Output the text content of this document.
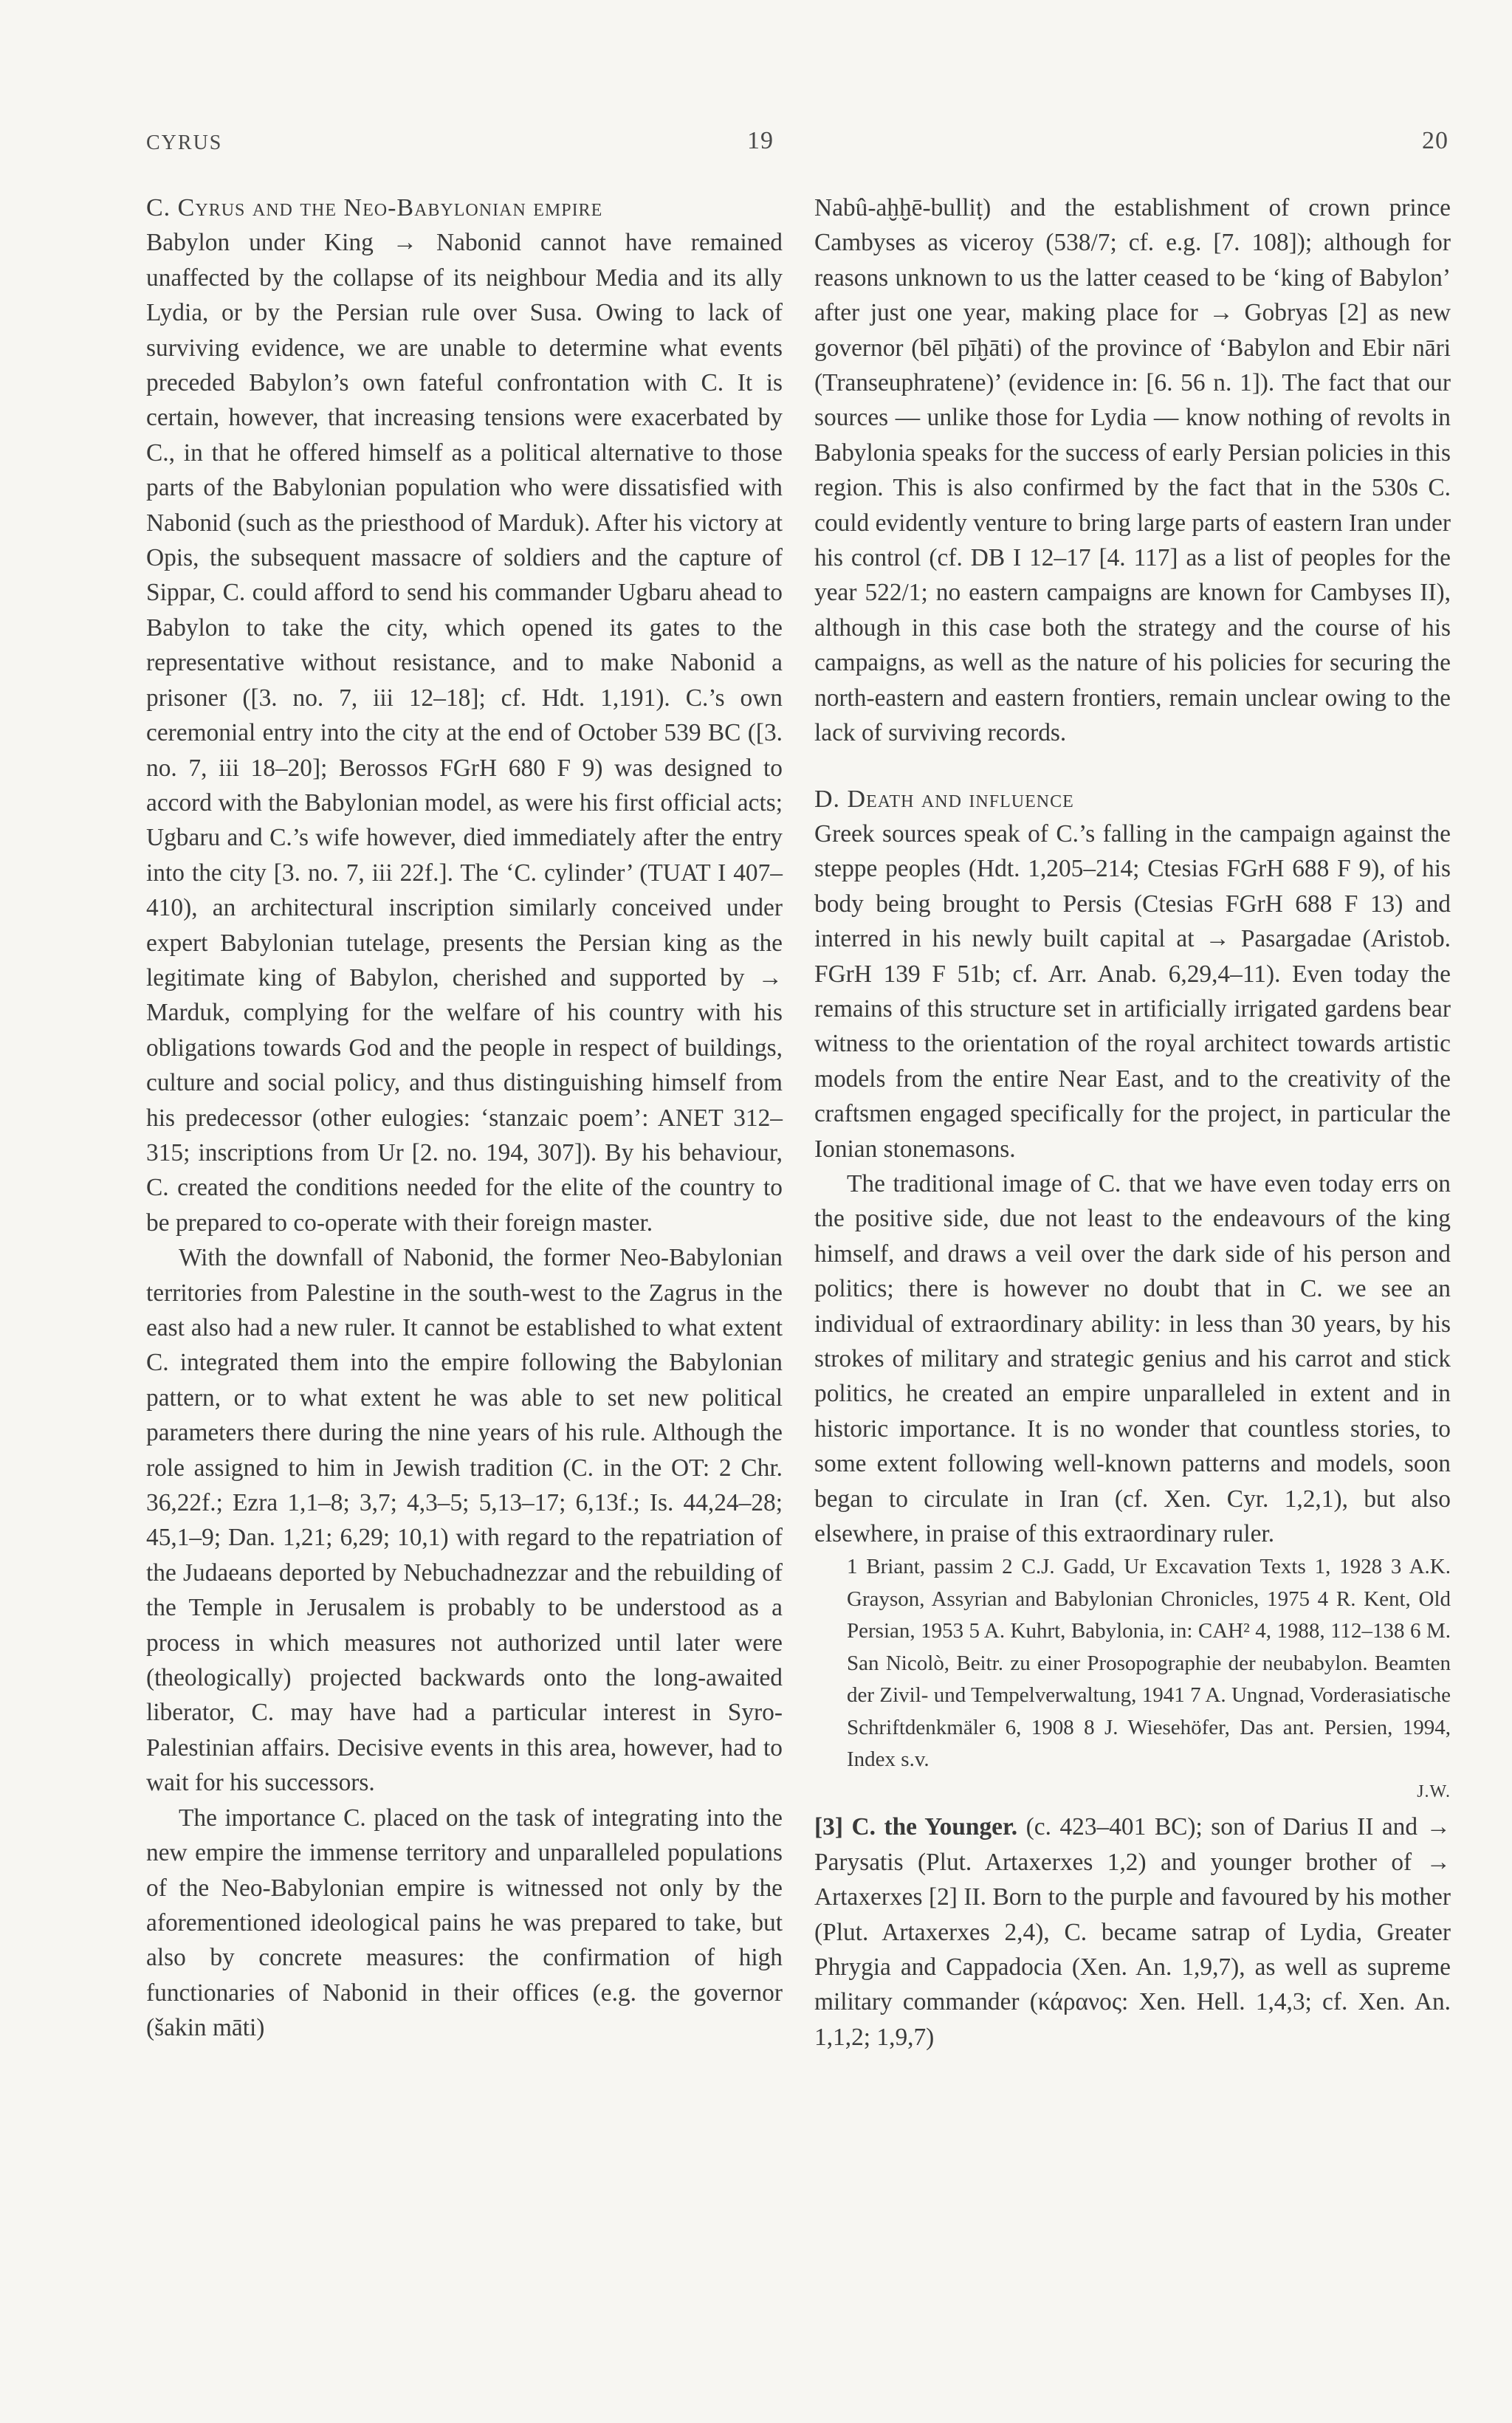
CYRUS	19	20

C. Cyrus and the Neo-Babylonian empire

Babylon under King → Nabonid cannot have remained unaffected by the collapse of its neighbour Media and its ally Lydia, or by the Persian rule over Susa. Owing to lack of surviving evidence, we are unable to determine what events preceded Babylon’s own fateful confrontation with C. It is certain, however, that increasing tensions were exacerbated by C., in that he offered himself as a political alternative to those parts of the Babylonian population who were dissatisfied with Nabonid (such as the priesthood of Marduk). After his victory at Opis, the subsequent massacre of soldiers and the capture of Sippar, C. could afford to send his commander Ugbaru ahead to Babylon to take the city, which opened its gates to the representative without resistance, and to make Nabonid a prisoner ([3. no. 7, iii 12–18]; cf. Hdt. 1,191). C.’s own ceremonial entry into the city at the end of October 539 BC ([3. no. 7, iii 18–20]; Berossos FGrH 680 F 9) was designed to accord with the Babylonian model, as were his first official acts; Ugbaru and C.’s wife however, died immediately after the entry into the city [3. no. 7, iii 22f.]. The ‘C. cylinder’ (TUAT I 407–410), an architectural inscription similarly conceived under expert Babylonian tutelage, presents the Persian king as the legitimate king of Babylon, cherished and supported by → Marduk, complying for the welfare of his country with his obligations towards God and the people in respect of buildings, culture and social policy, and thus distinguishing himself from his predecessor (other eulogies: ‘stanzaic poem’: ANET 312–315; inscriptions from Ur [2. no. 194, 307]). By his behaviour, C. created the conditions needed for the elite of the country to be prepared to co-operate with their foreign master.

With the downfall of Nabonid, the former Neo-Babylonian territories from Palestine in the south-west to the Zagrus in the east also had a new ruler. It cannot be established to what extent C. integrated them into the empire following the Babylonian pattern, or to what extent he was able to set new political parameters there during the nine years of his rule. Although the role assigned to him in Jewish tradition (C. in the OT: 2 Chr. 36,22f.; Ezra 1,1–8; 3,7; 4,3–5; 5,13–17; 6,13f.; Is. 44,24–28; 45,1–9; Dan. 1,21; 6,29; 10,1) with regard to the repatriation of the Judaeans deported by Nebuchadnezzar and the rebuilding of the Temple in Jerusalem is probably to be understood as a process in which measures not authorized until later were (theologically) projected backwards onto the long-awaited liberator, C. may have had a particular interest in Syro-Palestinian affairs. Decisive events in this area, however, had to wait for his successors.

The importance C. placed on the task of integrating into the new empire the immense territory and unparalleled populations of the Neo-Babylonian empire is witnessed not only by the aforementioned ideological pains he was prepared to take, but also by concrete measures: the confirmation of high functionaries of Nabonid in their offices (e.g. the governor (šakin māti)

Nabû-aḫḫē-bulliṭ) and the establishment of crown prince Cambyses as viceroy (538/7; cf. e.g. [7. 108]); although for reasons unknown to us the latter ceased to be ‘king of Babylon’ after just one year, making place for → Gobryas [2] as new governor (bēl pīḫāti) of the province of ‘Babylon and Ebir nāri (Transeuphratene)’ (evidence in: [6. 56 n. 1]). The fact that our sources — unlike those for Lydia — know nothing of revolts in Babylonia speaks for the success of early Persian policies in this region. This is also confirmed by the fact that in the 530s C. could evidently venture to bring large parts of eastern Iran under his control (cf. DB I 12–17 [4. 117] as a list of peoples for the year 522/1; no eastern campaigns are known for Cambyses II), although in this case both the strategy and the course of his campaigns, as well as the nature of his policies for securing the north-eastern and eastern frontiers, remain unclear owing to the lack of surviving records.

D. Death and influence

Greek sources speak of C.’s falling in the campaign against the steppe peoples (Hdt. 1,205–214; Ctesias FGrH 688 F 9), of his body being brought to Persis (Ctesias FGrH 688 F 13) and interred in his newly built capital at → Pasargadae (Aristob. FGrH 139 F 51b; cf. Arr. Anab. 6,29,4–11). Even today the remains of this structure set in artificially irrigated gardens bear witness to the orientation of the royal architect towards artistic models from the entire Near East, and to the creativity of the craftsmen engaged specifically for the project, in particular the Ionian stonemasons.

The traditional image of C. that we have even today errs on the positive side, due not least to the endeavours of the king himself, and draws a veil over the dark side of his person and politics; there is however no doubt that in C. we see an individual of extraordinary ability: in less than 30 years, by his strokes of military and strategic genius and his carrot and stick politics, he created an empire unparalleled in extent and in historic importance. It is no wonder that countless stories, to some extent following well-known patterns and models, soon began to circulate in Iran (cf. Xen. Cyr. 1,2,1), but also elsewhere, in praise of this extraordinary ruler.

1 Briant, passim 2 C.J. Gadd, Ur Excavation Texts 1, 1928 3 A.K. Grayson, Assyrian and Babylonian Chronicles, 1975 4 R. Kent, Old Persian, 1953 5 A. Kuhrt, Babylonia, in: CAH² 4, 1988, 112–138 6 M. San Nicolò, Beitr. zu einer Prosopographie der neubabylon. Beamten der Zivil- und Tempelverwaltung, 1941 7 A. Ungnad, Vorderasiatische Schriftdenkmäler 6, 1908 8 J. Wiesehöfer, Das ant. Persien, 1994, Index s.v.

J.W.

[3] C. the Younger. (c. 423–401 BC); son of Darius II and → Parysatis (Plut. Artaxerxes 1,2) and younger brother of → Artaxerxes [2] II. Born to the purple and favoured by his mother (Plut. Artaxerxes 2,4), C. became satrap of Lydia, Greater Phrygia and Cappadocia (Xen. An. 1,9,7), as well as supreme military commander (κάρανος: Xen. Hell. 1,4,3; cf. Xen. An. 1,1,2; 1,9,7)
